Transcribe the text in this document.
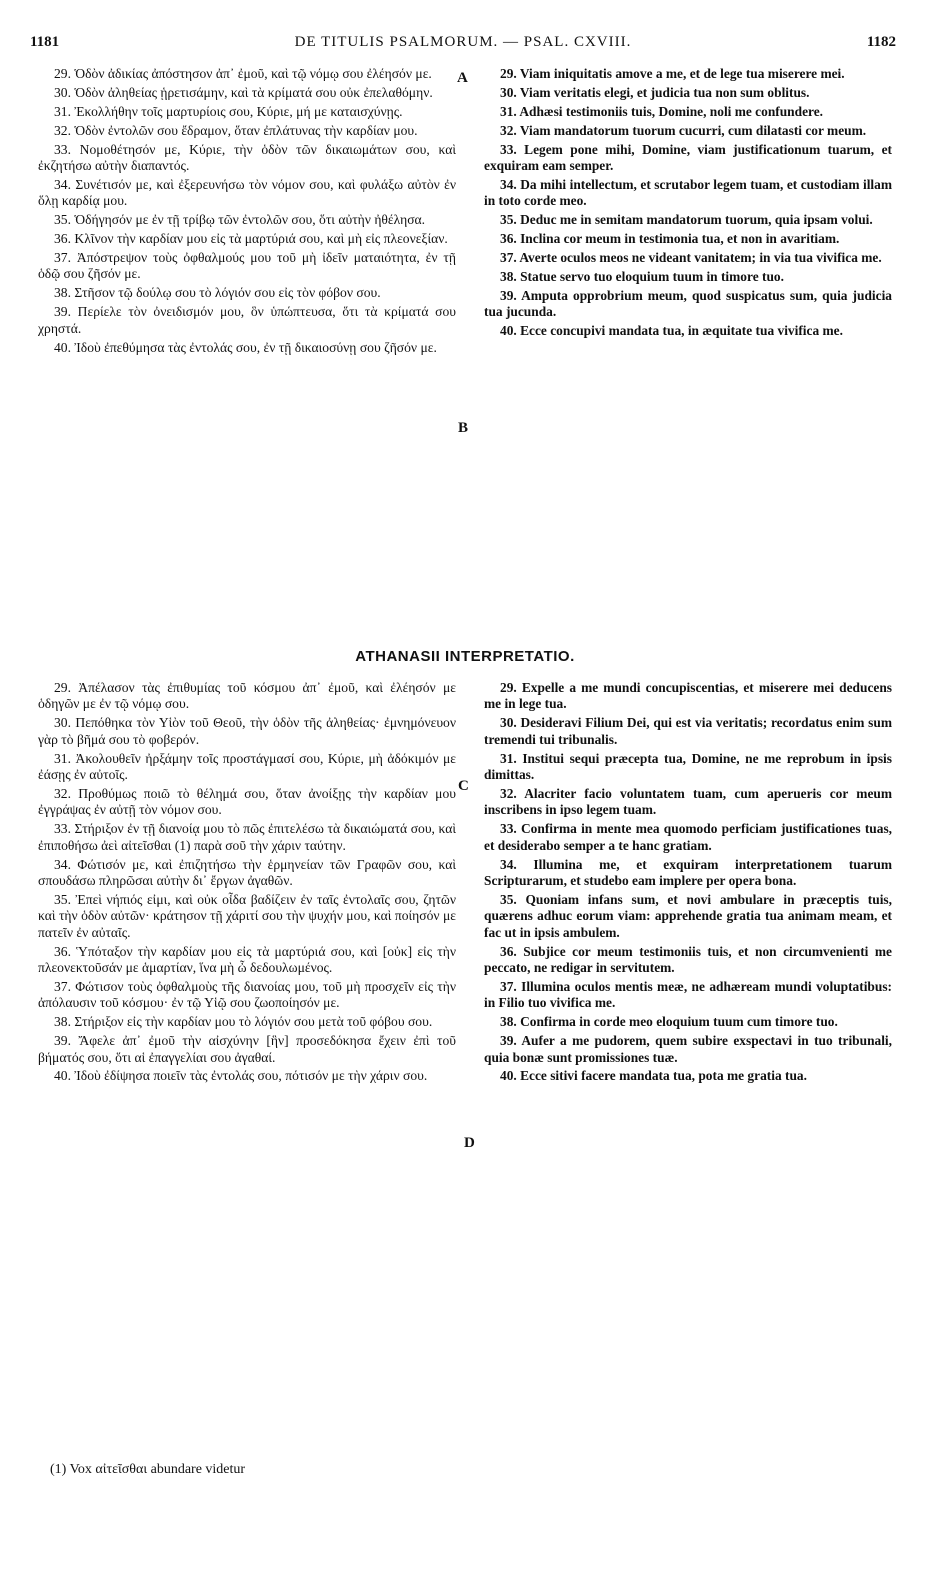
1181	DE TITULIS PSALMORUM. — PSAL. CXVIII.	1182

29. Ὁδὸν ἀδικίας ἀπόστησον ἀπ᾽ ἐμοῦ, καὶ τῷ νόμῳ σου ἐλέησόν με.

30. Ὁδὸν ἀληθείας ᾑρετισάμην, καὶ τὰ κρίματά σου οὐκ ἐπελαθόμην.

31. Ἐκολλήθην τοῖς μαρτυρίοις σου, Κύριε, μή με καταισχύνῃς.

32. Ὁδὸν ἐντολῶν σου ἔδραμον, ὅταν ἐπλάτυνας τὴν καρδίαν μου.

33. Νομοθέτησόν με, Κύριε, τὴν ὁδὸν τῶν δικαιωμάτων σου, καὶ ἐκζητήσω αὐτὴν διαπαντός.

34. Συνέτισόν με, καὶ ἐξερευνήσω τὸν νόμον σου, καὶ φυλάξω αὐτὸν ἐν ὅλῃ καρδίᾳ μου.

35. Ὁδήγησόν με ἐν τῇ τρίβῳ τῶν ἐντολῶν σου, ὅτι αὐτὴν ἠθέλησα.

36. Κλῖνον τὴν καρδίαν μου εἰς τὰ μαρτύριά σου, καὶ μὴ εἰς πλεονεξίαν.

37. Ἀπόστρεψον τοὺς ὀφθαλμούς μου τοῦ μὴ ἰδεῖν ματαιότητα, ἐν τῇ ὁδῷ σου ζῆσόν με.

38. Στῆσον τῷ δούλῳ σου τὸ λόγιόν σου εἰς τὸν φόβον σου.

39. Περίελε τὸν ὀνειδισμόν μου, ὃν ὑπώπτευσα, ὅτι τὰ κρίματά σου χρηστά.

40. Ἰδοὺ ἐπεθύμησα τὰς ἐντολάς σου, ἐν τῇ δικαιοσύνῃ σου ζῆσόν με.

29. Viam iniquitatis amove a me, et de lege tua miserere mei.

30. Viam veritatis elegi, et judicia tua non sum oblitus.

31. Adhæsi testimoniis tuis, Domine, noli me confundere.

32. Viam mandatorum tuorum cucurri, cum dilatasti cor meum.

33. Legem pone mihi, Domine, viam justificationum tuarum, et exquiram eam semper.

34. Da mihi intellectum, et scrutabor legem tuam, et custodiam illam in toto corde meo.

35. Deduc me in semitam mandatorum tuorum, quia ipsam volui.

36. Inclina cor meum in testimonia tua, et non in avaritiam.

37. Averte oculos meos ne videant vanitatem; in via tua vivifica me.

38. Statue servo tuo eloquium tuum in timore tuo.

39. Amputa opprobrium meum, quod suspicatus sum, quia judicia tua jucunda.

40. Ecce concupivi mandata tua, in æquitate tua vivifica me.

ATHANASII INTERPRETATIO.

29. Ἀπέλασον τὰς ἐπιθυμίας τοῦ κόσμου ἀπ᾽ ἐμοῦ, καὶ ἐλέησόν με ὁδηγῶν με ἐν τῷ νόμῳ σου.

30. Πεπόθηκα τὸν Υἱὸν τοῦ Θεοῦ, τὴν ὁδὸν τῆς ἀληθείας· ἐμνημόνευον γὰρ τὸ βῆμά σου τὸ φοβερόν.

31. Ἀκολουθεῖν ἠρξάμην τοῖς προστάγμασί σου, Κύριε, μὴ ἀδόκιμόν με ἐάσῃς ἐν αὐτοῖς.

32. Προθύμως ποιῶ τὸ θέλημά σου, ὅταν ἀνοίξῃς τὴν καρδίαν μου ἐγγράψας ἐν αὐτῇ τὸν νόμον σου.

33. Στήριξον ἐν τῇ διανοίᾳ μου τὸ πῶς ἐπιτελέσω τὰ δικαιώματά σου, καὶ ἐπιποθήσω ἀεὶ αἰτεῖσθαι (1) παρὰ σοῦ τὴν χάριν ταύτην.

34. Φώτισόν με, καὶ ἐπιζητήσω τὴν ἑρμηνείαν τῶν Γραφῶν σου, καὶ σπουδάσω πληρῶσαι αὐτὴν δι᾽ ἔργων ἀγαθῶν.

35. Ἐπεὶ νήπιός εἰμι, καὶ οὐκ οἶδα βαδίζειν ἐν ταῖς ἐντολαῖς σου, ζητῶν καὶ τὴν ὁδὸν αὐτῶν· κράτησον τῇ χάριτί σου τὴν ψυχήν μου, καὶ ποίησόν με πατεῖν ἐν αὐταῖς.

36. Ὑπόταξον τὴν καρδίαν μου εἰς τὰ μαρτύριά σου, καὶ [οὐκ] εἰς τὴν πλεονεκτοῦσάν με ἁμαρτίαν, ἵνα μὴ ὦ δεδουλωμένος.

37. Φώτισον τοὺς ὀφθαλμοὺς τῆς διανοίας μου, τοῦ μὴ προσχεῖν εἰς τὴν ἀπόλαυσιν τοῦ κόσμου· ἐν τῷ Υἱῷ σου ζωοποίησόν με.

38. Στήριξον εἰς τὴν καρδίαν μου τὸ λόγιόν σου μετὰ τοῦ φόβου σου.

39. Ἄφελε ἀπ᾽ ἐμοῦ τὴν αἰσχύνην [ἣν] προσεδόκησα ἔχειν ἐπὶ τοῦ βήματός σου, ὅτι αἱ ἐπαγγελίαι σου ἀγαθαί.

40. Ἰδοὺ ἐδίψησα ποιεῖν τὰς ἐντολάς σου, πότισόν με τὴν χάριν σου.

29. Expelle a me mundi concupiscentias, et miserere mei deducens me in lege tua.

30. Desideravi Filium Dei, qui est via veritatis; recordatus enim sum tremendi tui tribunalis.

31. Institui sequi præcepta tua, Domine, ne me reprobum in ipsis dimittas.

32. Alacriter facio voluntatem tuam, cum aperueris cor meum inscribens in ipso legem tuam.

33. Confirma in mente mea quomodo perficiam justificationes tuas, et desiderabo semper a te hanc gratiam.

34. Illumina me, et exquiram interpretationem tuarum Scripturarum, et studebo eam implere per opera bona.

35. Quoniam infans sum, et novi ambulare in præceptis tuis, quærens adhuc eorum viam: apprehende gratia tua animam meam, et fac ut in ipsis ambulem.

36. Subjice cor meum testimoniis tuis, et non circumvenienti me peccato, ne redigar in servitutem.

37. Illumina oculos mentis meæ, ne adhæream mundi voluptatibus: in Filio tuo vivifica me.

38. Confirma in corde meo eloquium tuum cum timore tuo.

39. Aufer a me pudorem, quem subire exspectavi in tuo tribunali, quia bonæ sunt promissiones tuæ.

40. Ecce sitivi facere mandata tua, pota me gratia tua.

A
B
C
D
(1) Vox αἰτεῖσθαι abundare videtur
